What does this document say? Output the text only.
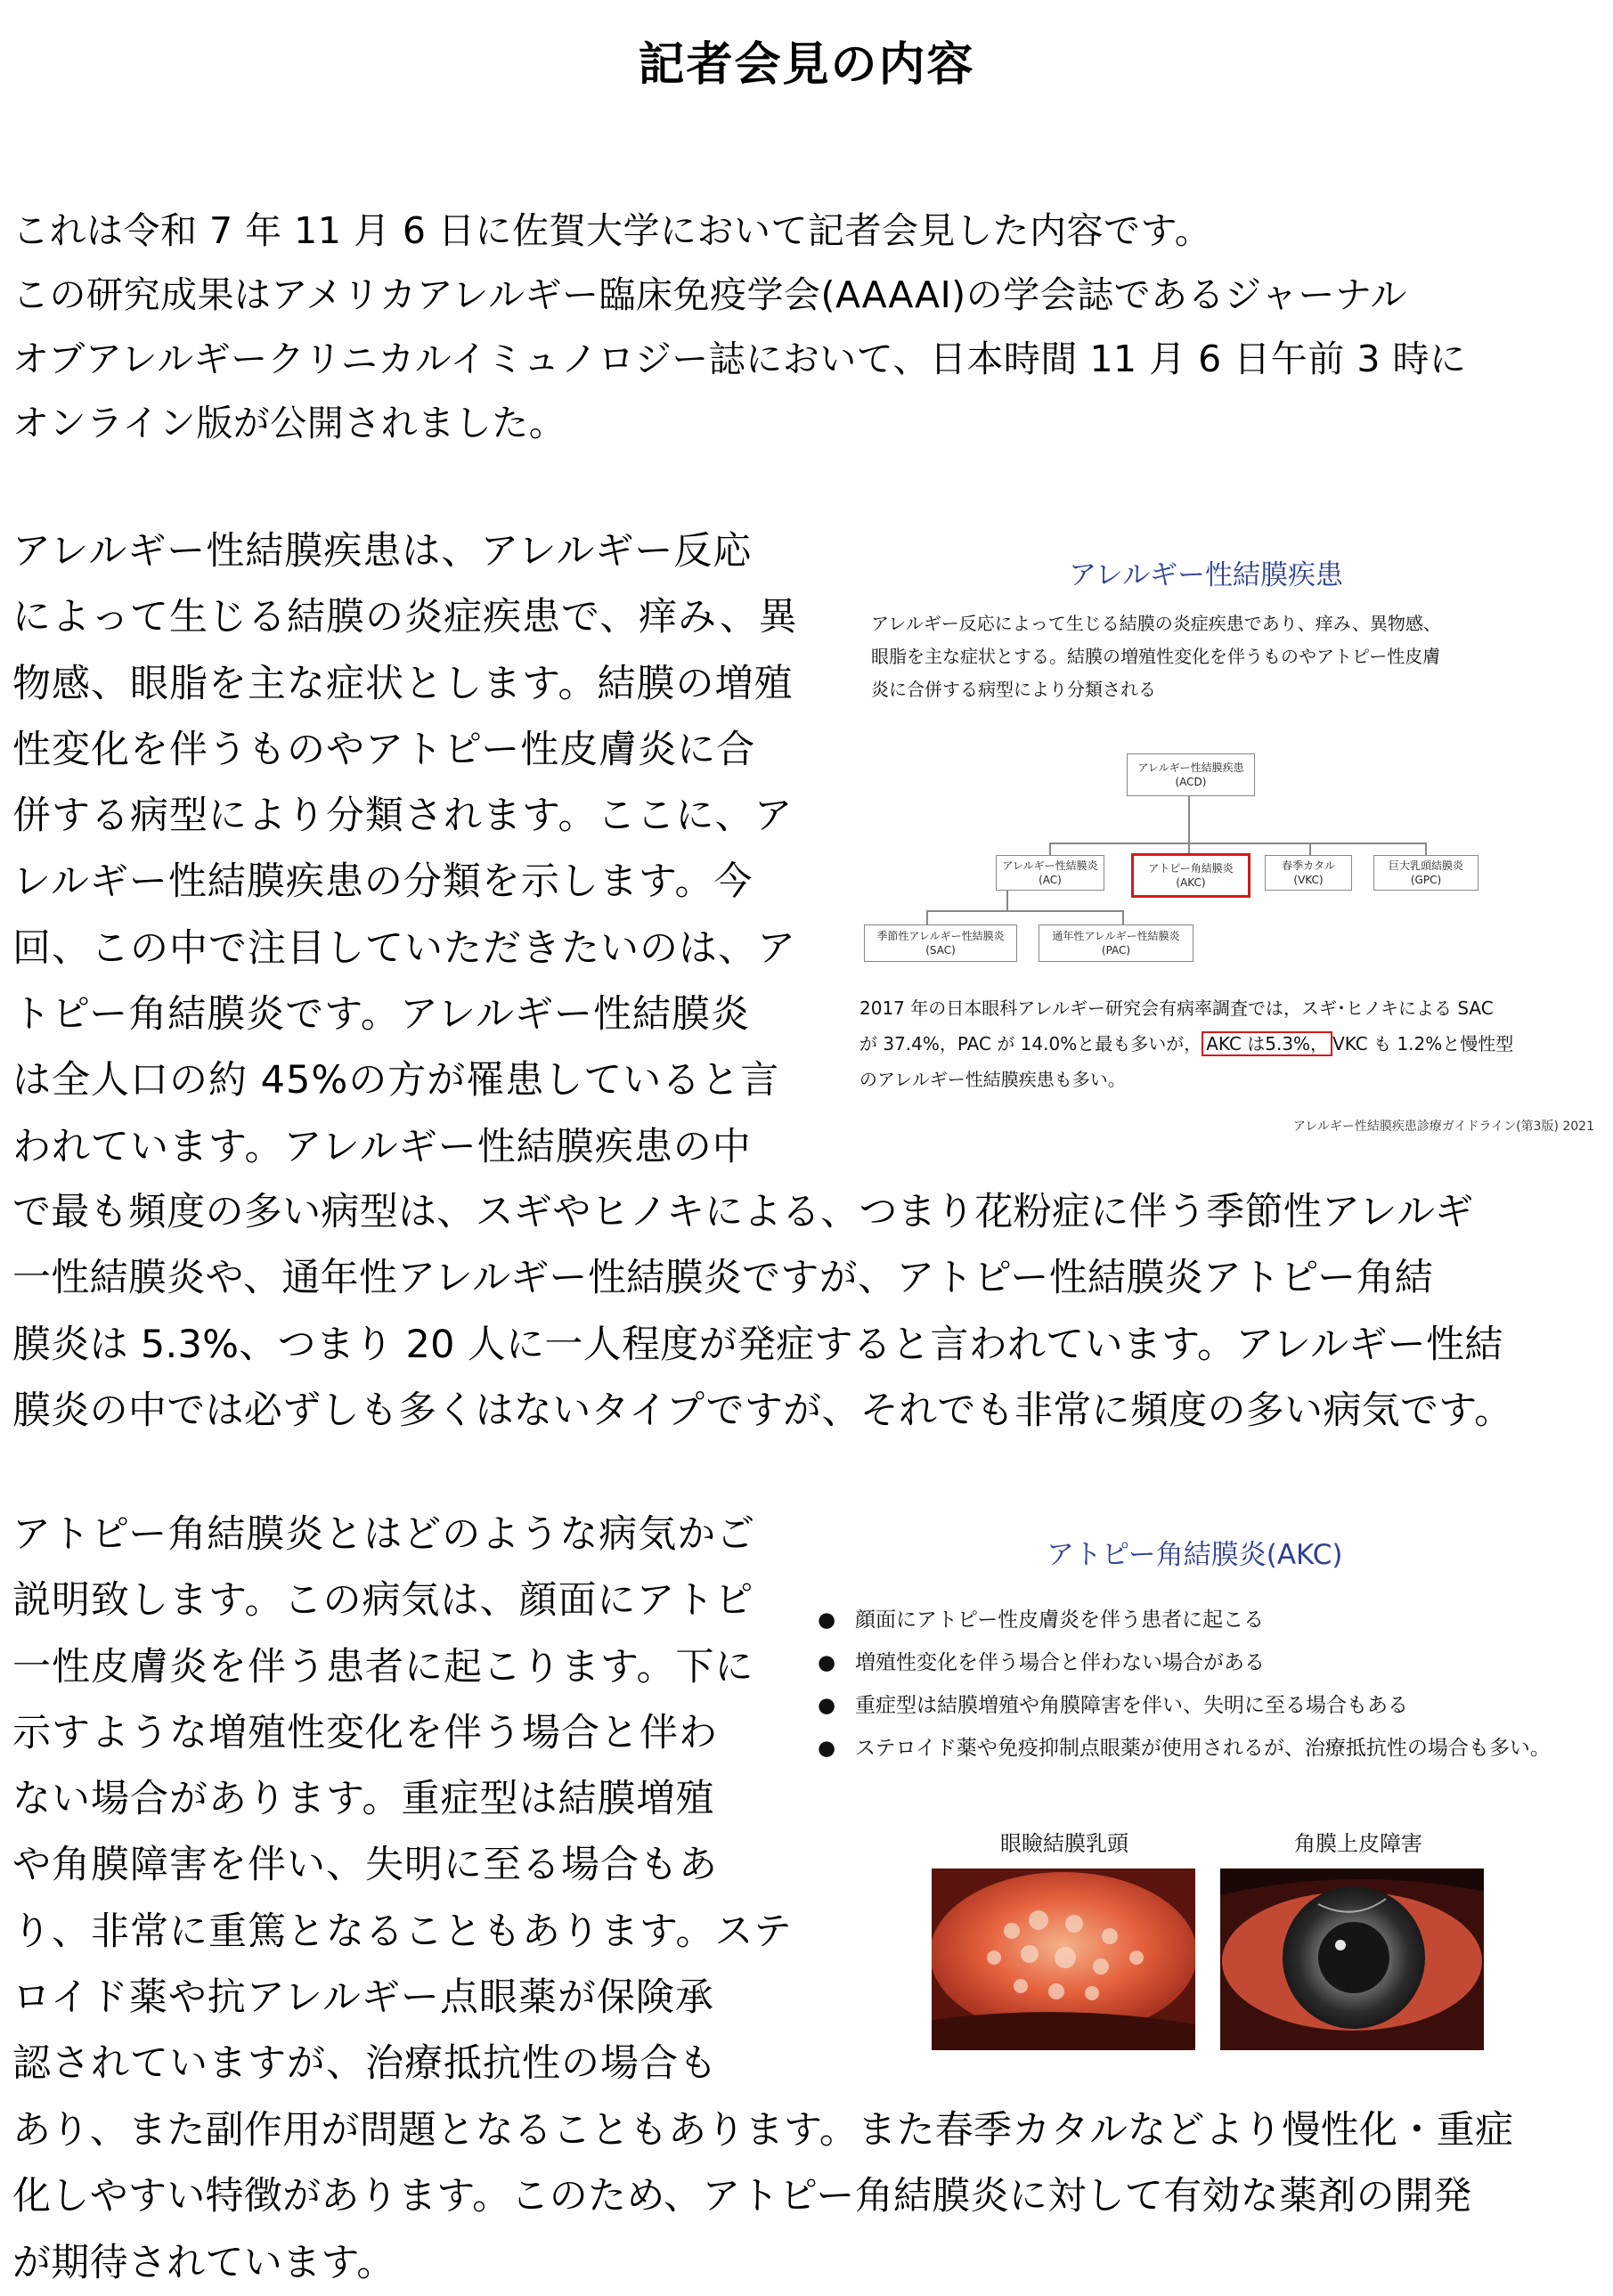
記者会見の内容
これは令和 7 年 11 月 6 日に佐賀大学において記者会見した内容です。
この研究成果はアメリカアレルギー臨床免疫学会(AAAAI)の学会誌であるジャーナル
オブアレルギークリニカルイミュノロジー誌において、日本時間 11 月 6 日午前 3 時に
オンライン版が公開されました。
アレルギー性結膜疾患は、アレルギー反応
によって生じる結膜の炎症疾患で、痒み、異
物感、眼脂を主な症状とします。結膜の増殖
性変化を伴うものやアトピー性皮膚炎に合
併する病型により分類されます。ここに、ア
レルギー性結膜疾患の分類を示します。今
回、この中で注目していただきたいのは、ア
トピー角結膜炎です。アレルギー性結膜炎
は全人口の約 45%の方が罹患していると言
われています。アレルギー性結膜疾患の中
で最も頻度の多い病型は、スギやヒノキによる、つまり花粉症に伴う季節性アレルギ
一性結膜炎や、通年性アレルギー性結膜炎ですが、アトピー性結膜炎アトピー角結
膜炎は 5.3%、つまり 20 人に一人程度が発症すると言われています。アレルギー性結
膜炎の中では必ずしも多くはないタイプですが、それでも非常に頻度の多い病気です。
アレルギー性結膜疾患
アレルギー反応によって生じる結膜の炎症疾患であり、痒み、異物感、
眼脂を主な症状とする。結膜の増殖性変化を伴うものやアトピー性皮膚
炎に合併する病型により分類される
アレルギー性結膜疾患
(ACD)
アレルギー性結膜炎
(AC)
アトピー角結膜炎
(AKC)
春季カタル
(VKC)
巨大乳頭結膜炎
(GPC)
季節性アレルギー性結膜炎
(SAC)
通年性アレルギー性結膜炎
(PAC)
2017 年の日本眼科アレルギー研究会有病率調査では，スギ･ヒノキによる SAC
が 37.4%，PAC が 14.0%と最も多いが， AKC は5.3%， VKC も 1.2%と慢性型
のアレルギー性結膜疾患も多い。
アレルギー性結膜疾患診療ガイドライン(第3版) 2021
アトピー角結膜炎とはどのような病気かご
説明致します。この病気は、顔面にアトピ
一性皮膚炎を伴う患者に起こります。下に
示すような増殖性変化を伴う場合と伴わ
ない場合があります。重症型は結膜増殖
や角膜障害を伴い、失明に至る場合もあ
り、非常に重篤となることもあります。ステ
ロイド薬や抗アレルギー点眼薬が保険承
認されていますが、治療抵抗性の場合も
あり、また副作用が問題となることもあります。また春季カタルなどより慢性化・重症
化しやすい特徴があります。このため、アトピー角結膜炎に対して有効な薬剤の開発
が期待されています。
アトピー角結膜炎(AKC)
● 顔面にアトピー性皮膚炎を伴う患者に起こる
● 増殖性変化を伴う場合と伴わない場合がある
● 重症型は結膜増殖や角膜障害を伴い、失明に至る場合もある
● ステロイド薬や免疫抑制点眼薬が使用されるが、治療抵抗性の場合も多い。
眼瞼結膜乳頭	角膜上皮障害
